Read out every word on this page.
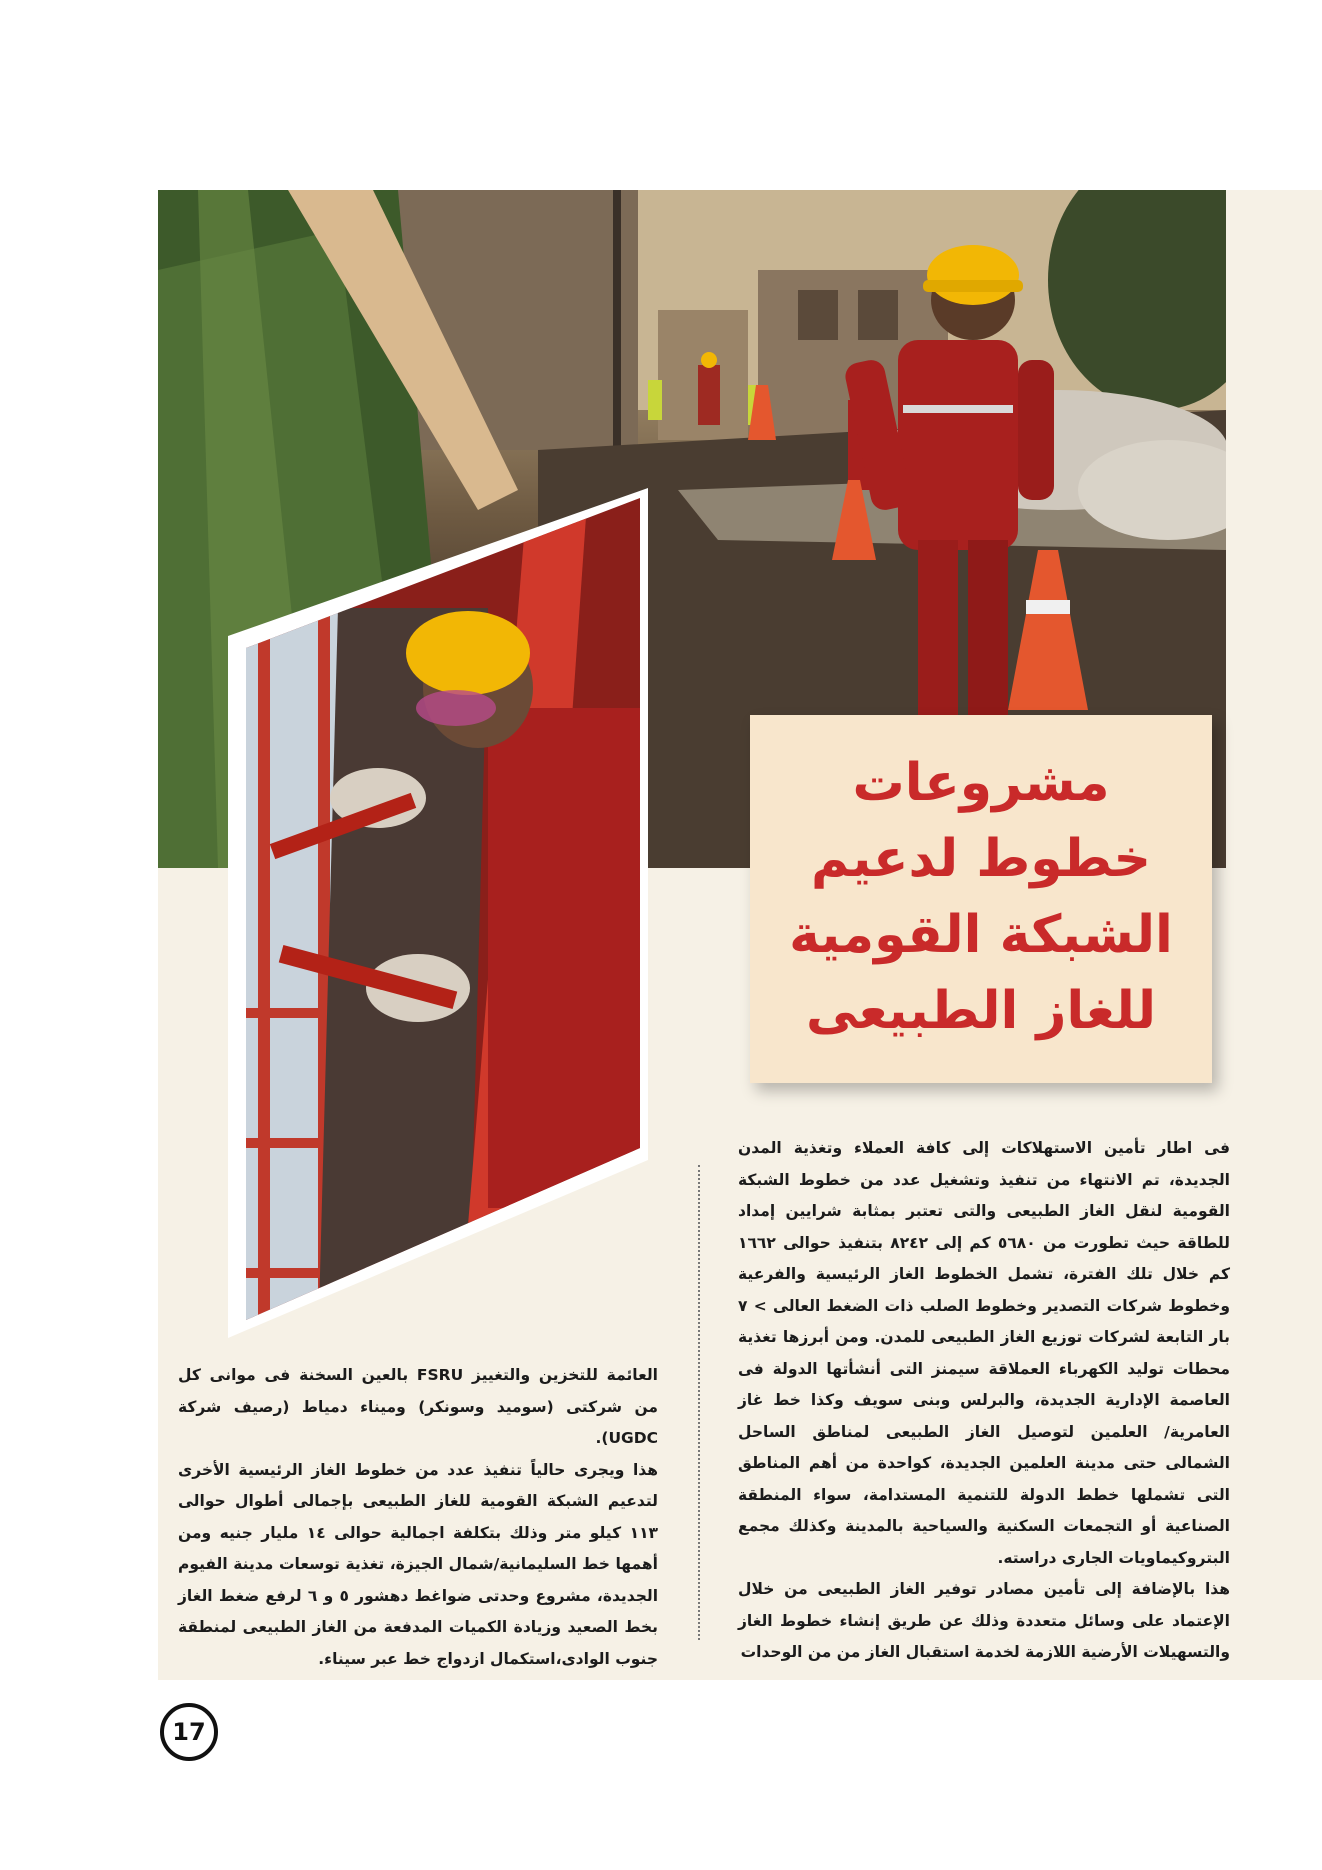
مشروعات
خطوط لدعيم
الشبكة القومية
للغاز الطبيعى

فى اطار تأمين الاستهلاكات إلى كافة العملاء وتغذية المدن الجديدة، تم الانتهاء من تنفيذ وتشغيل عدد من خطوط الشبكة القومية لنقل الغاز الطبيعى والتى تعتبر بمثابة شرايين إمداد للطاقة حيث تطورت من ٥٦٨٠ كم إلى ٨٢٤٢ بتنفيذ حوالى ١٦٦٢ كم خلال تلك الفترة، تشمل الخطوط الغاز الرئيسية والفرعية وخطوط شركات التصدير وخطوط الصلب ذات الضغط العالى > ٧ بار التابعة لشركات توزيع الغاز الطبيعى للمدن. ومن أبرزها تغذية محطات توليد الكهرباء العملاقة سيمنز التى أنشأتها الدولة فى العاصمة الإدارية الجديدة، والبرلس وبنى سويف وكذا خط غاز العامرية/ العلمين لتوصيل الغاز الطبيعى لمناطق الساحل الشمالى حتى مدينة العلمين الجديدة، كواحدة من أهم المناطق التى تشملها خطط الدولة للتنمية المستدامة، سواء المنطقة الصناعية أو التجمعات السكنية والسياحية بالمدينة وكذلك مجمع البتروكيماويات الجارى دراسته.

هذا بالإضافة إلى تأمين مصادر توفير الغاز الطبيعى من خلال الإعتماد على وسائل متعددة وذلك عن طريق إنشاء خطوط الغاز والتسهيلات الأرضية اللازمة لخدمة استقبال الغاز من من الوحدات

العائمة للتخزين والتغييز FSRU بالعين السخنة فى موانى كل من شركتى (سوميد وسونكر) وميناء دمياط (رصيف شركة UGDC).

هذا ويجرى حالياً تنفيذ عدد من خطوط الغاز الرئيسية الأخرى لتدعيم الشبكة القومية للغاز الطبيعى بإجمالى أطوال حوالى ١١٣ كيلو متر وذلك بتكلفة اجمالية حوالى ١٤ مليار جنيه ومن أهمها خط السليمانية/شمال الجيزة، تغذية توسعات مدينة الفيوم الجديدة، مشروع وحدتى ضواغط دهشور ٥ و ٦ لرفع ضغط الغاز بخط الصعيد وزيادة الكميات المدفعة من الغاز الطبيعى لمنطقة جنوب الوادى،استكمال ازدواج خط عبر سيناء.

17
